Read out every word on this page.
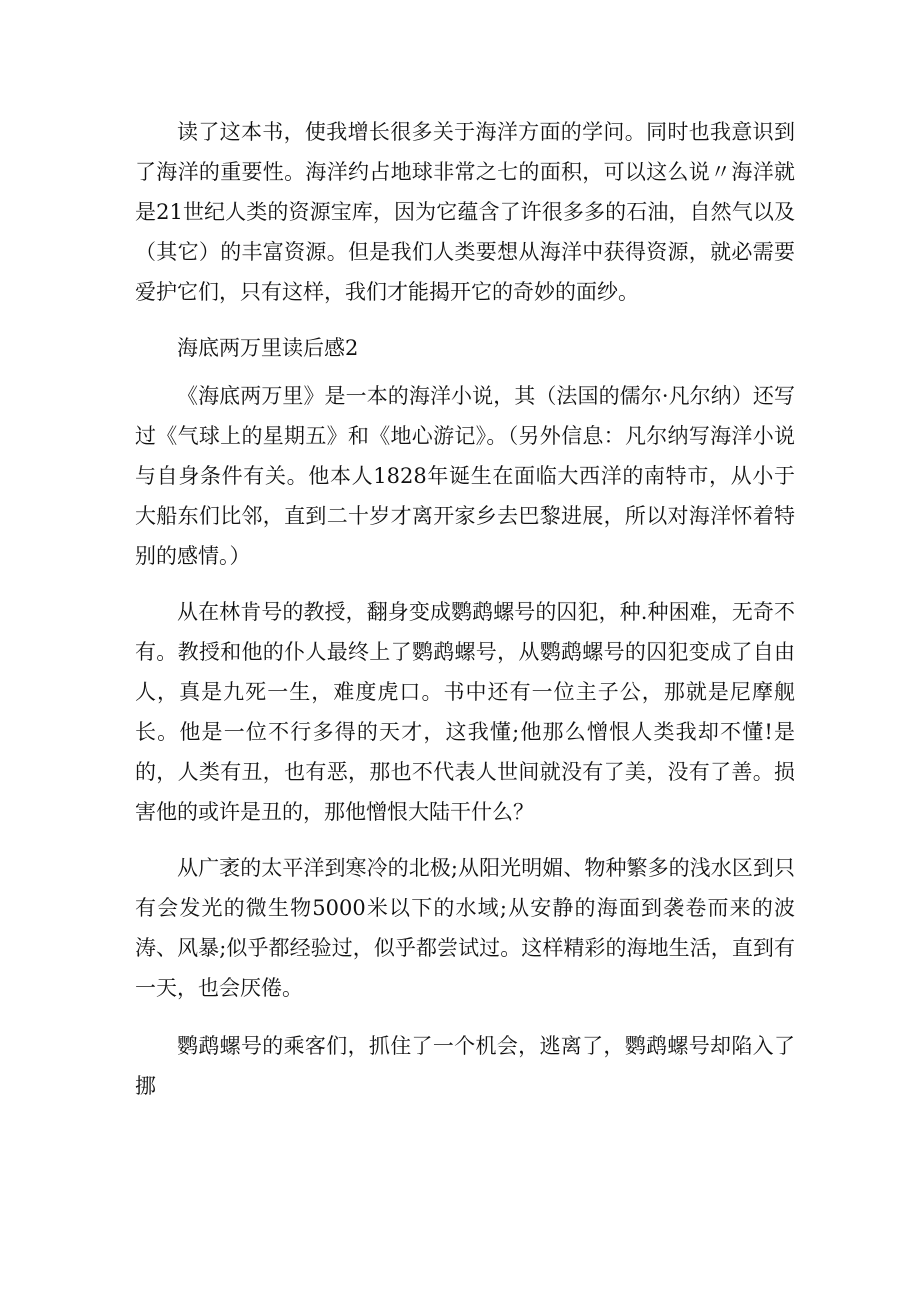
读了这本书，使我增长很多关于海洋方面的学问。同时也我意识到了海洋的重要性。海洋约占地球非常之七的面积，可以这么说〃海洋就是21世纪人类的资源宝库，因为它蕴含了许很多多的石油，自然气以及（其它）的丰富资源。但是我们人类要想从海洋中获得资源，就必需要爱护它们，只有这样，我们才能揭开它的奇妙的面纱。

海底两万里读后感2

《海底两万里》是一本的海洋小说，其（法国的儒尔·凡尔纳）还写过《气球上的星期五》和《地心游记》。（另外信息：凡尔纳写海洋小说与自身条件有关。他本人1828年诞生在面临大西洋的南特市，从小于大船东们比邻，直到二十岁才离开家乡去巴黎进展，所以对海洋怀着特别的感情。）

从在林肯号的教授，翻身变成鹦鹉螺号的囚犯，种.种困难，无奇不有。教授和他的仆人最终上了鹦鹉螺号，从鹦鹉螺号的囚犯变成了自由人，真是九死一生，难度虎口。书中还有一位主子公，那就是尼摩舰长。他是一位不行多得的天才，这我懂;他那么憎恨人类我却不懂!是的，人类有丑，也有恶，那也不代表人世间就没有了美，没有了善。损害他的或许是丑的，那他憎恨大陆干什么？

从广袤的太平洋到寒冷的北极;从阳光明媚、物种繁多的浅水区到只有会发光的微生物5000米以下的水域;从安静的海面到袭卷而来的波涛、风暴;似乎都经验过，似乎都尝试过。这样精彩的海地生活，直到有一天，也会厌倦。

鹦鹉螺号的乘客们，抓住了一个机会，逃离了，鹦鹉螺号却陷入了挪
